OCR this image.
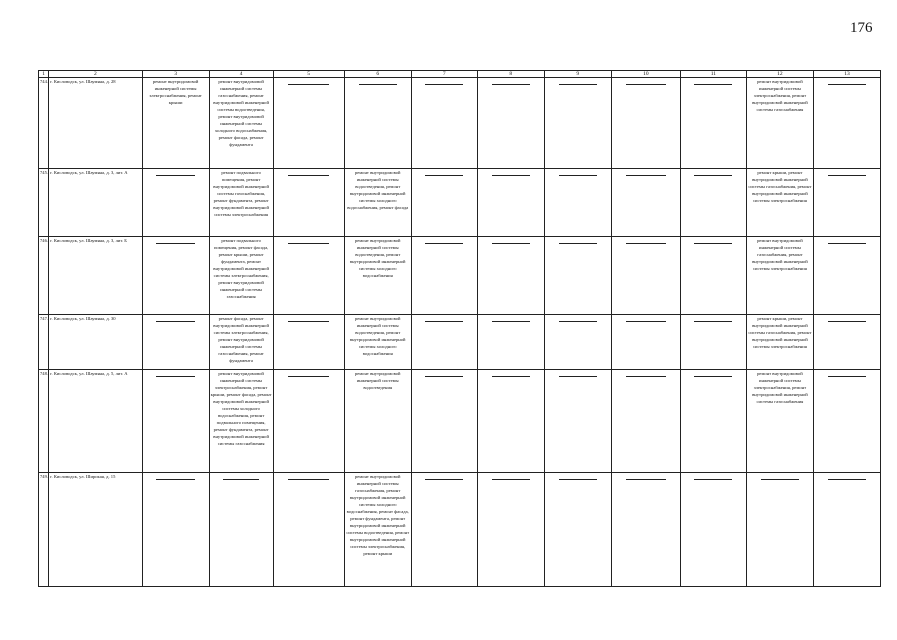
176
1	2	3	4	5	6	7	8	9	10	11	12	13
744.	г. Кисловодск, ул. Шаумяна, д. 28	ремонт внутридомовой инженерной системы электроснабжения, ремонт крыши	ремонт внутридомовой инженерной системы газоснабжения, ремонт внутридомовой инженерной системы водоотведения, ремонт внутридомовой инженерной системы холодного водоснабжения, ремонт фасада, ремонт фундамента								ремонт внутридомовой инженерной системы электроснабжения, ремонт внутридомовой инженерной системы газоснабжения	

745.	г. Кисловодск, ул. Шаумяна, д. 3, лит. А		ремонт подвального помещения, ремонт внутридомовой инженерной системы газоснабжения, ремонт фундамента, ремонт внутридомовой инженерной системы электроснабжения		ремонт внутридомовой инженерной системы водоотведения, ремонт внутридомовой инженерной системы холодного водоснабжения, ремонт фасада						ремонт крыши, ремонт внутридомовой инженерной системы газоснабжения, ремонт внутридомовой инженерной системы электроснабжения	

746.	г. Кисловодск, ул. Шаумяна, д. 3, лит. Б		ремонт подвального помещения, ремонт фасада, ремонт крыши, ремонт фундамента, ремонт внутридомовой инженерной системы электроснабжения, ремонт внутридомовой инженерной системы газоснабжения		ремонт внутридомовой инженерной системы водоотведения, ремонт внутридомовой инженерной системы холодного водоснабжения						ремонт внутридомовой инженерной системы газоснабжения, ремонт внутридомовой инженерной системы электроснабжения	

747.	г. Кисловодск, ул. Шаумяна, д. 30		ремонт фасада, ремонт внутридомовой инженерной системы электроснабжения, ремонт внутридомовой инженерной системы газоснабжения, ремонт фундамента		ремонт внутридомовой инженерной системы водоотведения, ремонт внутридомовой инженерной системы холодного водоснабжения						ремонт крыши, ремонт внутридомовой инженерной системы газоснабжения, ремонт внутридомовой инженерной системы электроснабжения	

748.	г. Кисловодск, ул. Шаумяна, д. 5, лит. А		ремонт внутридомовой инженерной системы электроснабжения, ремонт крыши, ремонт фасада, ремонт внутридомовой инженерной системы холодного водоснабжения, ремонт подвального помещения, ремонт фундамента, ремонт внутридомовой инженерной системы газоснабжения		ремонт внутридомовой инженерной системы водоотведения						ремонт внутридомовой инженерной системы электроснабжения, ремонт внутридомовой инженерной системы газоснабжения	

749.	г. Кисловодск, ул. Широкая, д. 15				ремонт внутридомовой инженерной системы газоснабжения, ремонт внутридомовой инженерной системы холодного водоснабжения, ремонт фасада, ремонт фундамента, ремонт внутридомовой инженерной системы водоотведения, ремонт внутридомовой инженерной системы электроснабжения, ремонт крыши	
